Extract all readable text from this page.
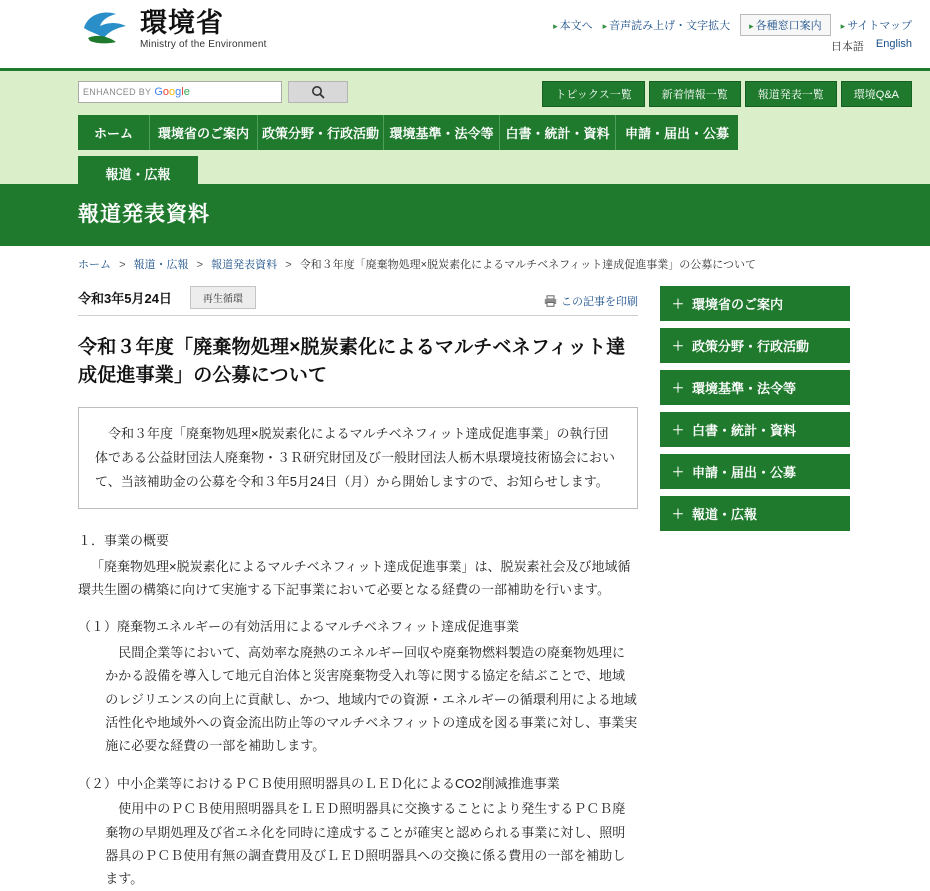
環境省
Ministry of the Environment
▸ 本文へ ▸ 音声読み上げ・文字拡大	▸ 各種窓口案内	▸ サイトマップ
日本語 English
ENHANCED BY Google	トピックス一覧	新着情報一覧	報道発表一覧	環境Q&A
ホーム	環境省のご案内 政策分野・行政活動 環境基準・法令等 白書・統計・資料	申請・届出・公募
報道・広報
報道発表資料
ホーム > 報道・広報 > 報道発表資料 > 令和３年度「廃棄物処理×脱炭素化によるマルチベネフィット達成促進事業」の公募について
令和3年5月24日	再生循環	この記事を印刷
令和３年度「廃棄物処理×脱炭素化によるマルチベネフィット達成促進事業」の公募について
　令和３年度「廃棄物処理×脱炭素化によるマルチベネフィット達成促進事業」の執行団体である公益財団法人廃棄物・３Ｒ研究財団及び一般財団法人栃木県環境技術協会において、当該補助金の公募を令和３年5月24日（月）から開始しますので、お知らせします。

１．事業の概要

「廃棄物処理×脱炭素化によるマルチベネフィット達成促進事業」は、脱炭素社会及び地域循環共生圏の構築に向けて実施する下記事業において必要となる経費の一部補助を行います。

（１）廃棄物エネルギーの有効活用によるマルチベネフィット達成促進事業

民間企業等において、高効率な廃熱のエネルギー回収や廃棄物燃料製造の廃棄物処理にかかる設備を導入して地元自治体と災害廃棄物受入れ等に関する協定を結ぶことで、地域のレジリエンスの向上に貢献し、かつ、地域内での資源・エネルギーの循環利用による地域活性化や地域外への資金流出防止等のマルチベネフィットの達成を図る事業に対し、事業実施に必要な経費の一部を補助します。

（２）中小企業等におけるＰＣＢ使用照明器具のＬＥＤ化によるCO2削減推進事業

使用中のＰＣＢ使用照明器具をＬＥＤ照明器具に交換することにより発生するＰＣＢ廃棄物の早期処理及び省エネ化を同時に達成することが確実と認められる事業に対し、照明器具のＰＣＢ使用有無の調査費用及びＬＥＤ照明器具への交換に係る費用の一部を補助します。

＋ 環境省のご案内
＋ 政策分野・行政活動
＋ 環境基準・法令等
＋ 白書・統計・資料
＋ 申請・届出・公募
＋ 報道・広報
